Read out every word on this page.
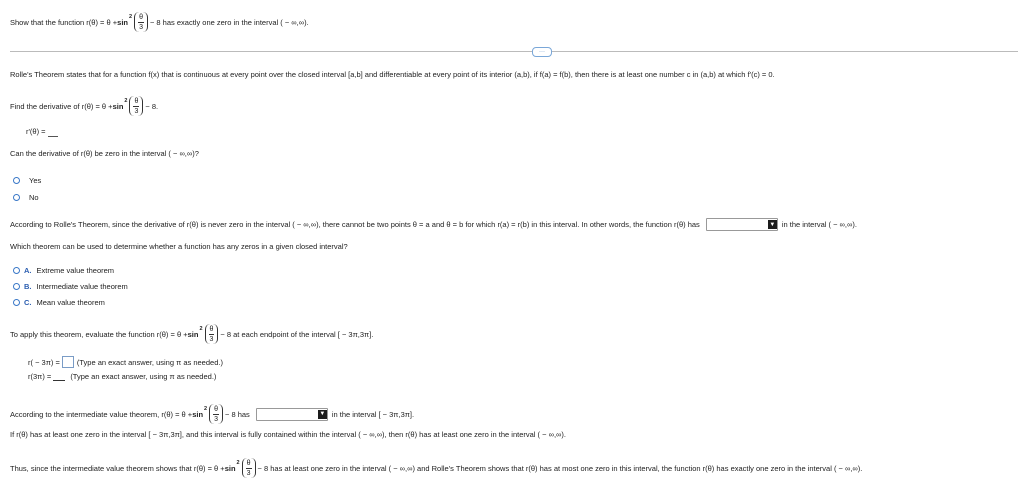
Show that the function r(θ) = θ + sin
$2 \frac{\theta}{3} - 8$ has exactly one zero in the interval ( − ∞,∞).
···
Rolle's Theorem states that for a function f(x) that is continuous at every point over the closed interval [a,b] and differentiable at every point of its interior (a,b), if f(a) = f(b), then there is at least one number c in (a,b) at which f'(c) = 0.
Find the derivative of r(θ) = θ + sin
$2 \frac{\theta}{3} - 8$.
r'(θ) =
Can the derivative of r(θ) be zero in the interval ( − ∞,∞)?
Yes
No
According to Rolle's Theorem, since the derivative of r(θ) is never zero in the interval ( − ∞,∞), there cannot be two points θ = a and θ = b for which r(a) = r(b) in this interval. In other words, the function r(θ) has	▼ in the interval ( − ∞,∞).
Which theorem can be used to determine whether a function has any zeros in a given closed interval?
A. Extreme value theorem
B. Intermediate value theorem
C. Mean value theorem
To apply this theorem, evaluate the function r(θ) = θ + sin
$2 \frac{\theta}{3} - 8$ at each endpoint of the interval [ − 3π,3π].
r( − 3π) = (Type an exact answer, using π as needed.)
r(3π) =	(Type an exact answer, using π as needed.)
According to the intermediate value theorem, r(θ) = θ + sin
$2 \frac{\theta}{3} - 8$ has	▼ in the interval [ − 3π,3π].
If r(θ) has at least one zero in the interval [ − 3π,3π], and this interval is fully contained within the interval ( − ∞,∞), then r(θ) has at least one zero in the interval ( − ∞,∞).
Thus, since the intermediate value theorem shows that r(θ) = θ + sin
$2 \frac{\theta}{3} - 8$ has at least one zero in the interval ( − ∞,∞) and Rolle's Theorem shows that r(θ) has at most one zero in this interval, the function r(θ) has exactly one zero in the interval ( − ∞,∞).
